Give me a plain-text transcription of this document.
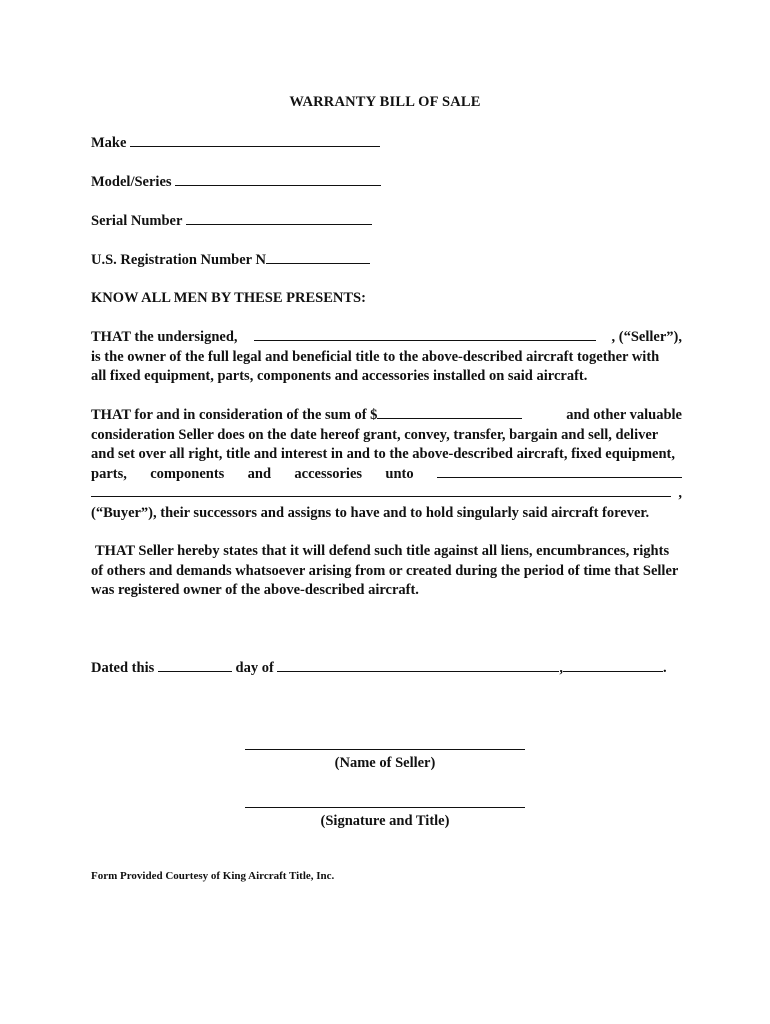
WARRANTY BILL OF SALE
Make
Model/Series
Serial Number
U.S. Registration Number N
KNOW ALL MEN BY THESE PRESENTS:
THAT the undersigned,	, (“Seller”),
is the owner of the full legal and beneficial title to the above-described aircraft together with
all fixed equipment, parts, components and accessories installed on said aircraft.
THAT for and in consideration of the sum of $	and other valuable
consideration Seller does on the date hereof grant, convey, transfer, bargain and sell, deliver
and set over all right, title and interest in and to the above-described aircraft, fixed equipment,
parts, components and accessories unto
,
(“Buyer”), their successors and assigns to have and to hold singularly said aircraft forever.
THAT Seller hereby states that it will defend such title against all liens, encumbrances, rights
of others and demands whatsoever arising from or created during the period of time that Seller
was registered owner of the above-described aircraft.
Dated this	day of	,	.
(Name of Seller)
(Signature and Title)
Form Provided Courtesy of King Aircraft Title, Inc.
